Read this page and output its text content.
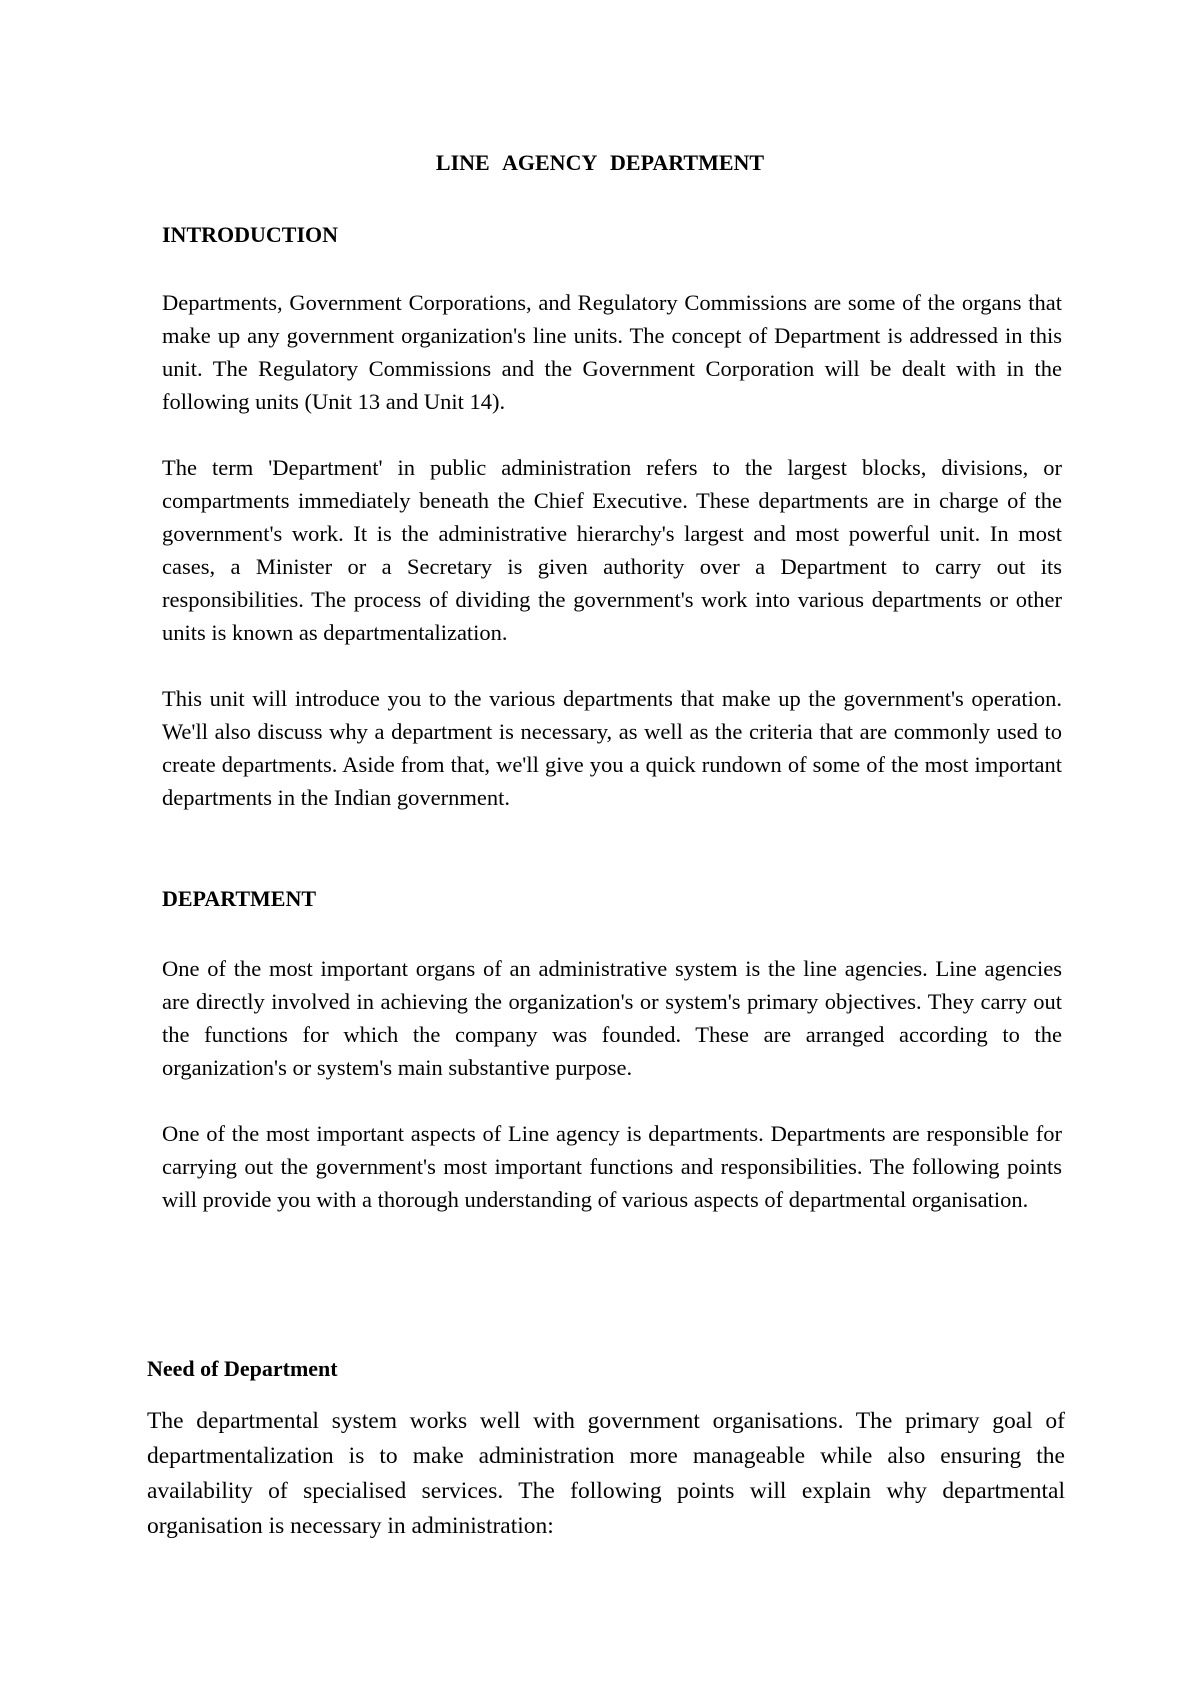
LINE AGENCY DEPARTMENT
INTRODUCTION

Departments, Government Corporations, and Regulatory Commissions are some of the organs that make up any government organization's line units. The concept of Department is addressed in this unit. The Regulatory Commissions and the Government Corporation will be dealt with in the following units (Unit 13 and Unit 14).

The term 'Department' in public administration refers to the largest blocks, divisions, or compartments immediately beneath the Chief Executive. These departments are in charge of the government's work. It is the administrative hierarchy's largest and most powerful unit. In most cases, a Minister or a Secretary is given authority over a Department to carry out its responsibilities. The process of dividing the government's work into various departments or other units is known as departmentalization.

This unit will introduce you to the various departments that make up the government's operation. We'll also discuss why a department is necessary, as well as the criteria that are commonly used to create departments. Aside from that, we'll give you a quick rundown of some of the most important departments in the Indian government.

DEPARTMENT

One of the most important organs of an administrative system is the line agencies. Line agencies are directly involved in achieving the organization's or system's primary objectives. They carry out the functions for which the company was founded. These are arranged according to the organization's or system's main substantive purpose.

One of the most important aspects of Line agency is departments. Departments are responsible for carrying out the government's most important functions and responsibilities. The following points will provide you with a thorough understanding of various aspects of departmental organisation.

Need of Department

The departmental system works well with government organisations. The primary goal of departmentalization is to make administration more manageable while also ensuring the availability of specialised services. The following points will explain why departmental organisation is necessary in administration:
